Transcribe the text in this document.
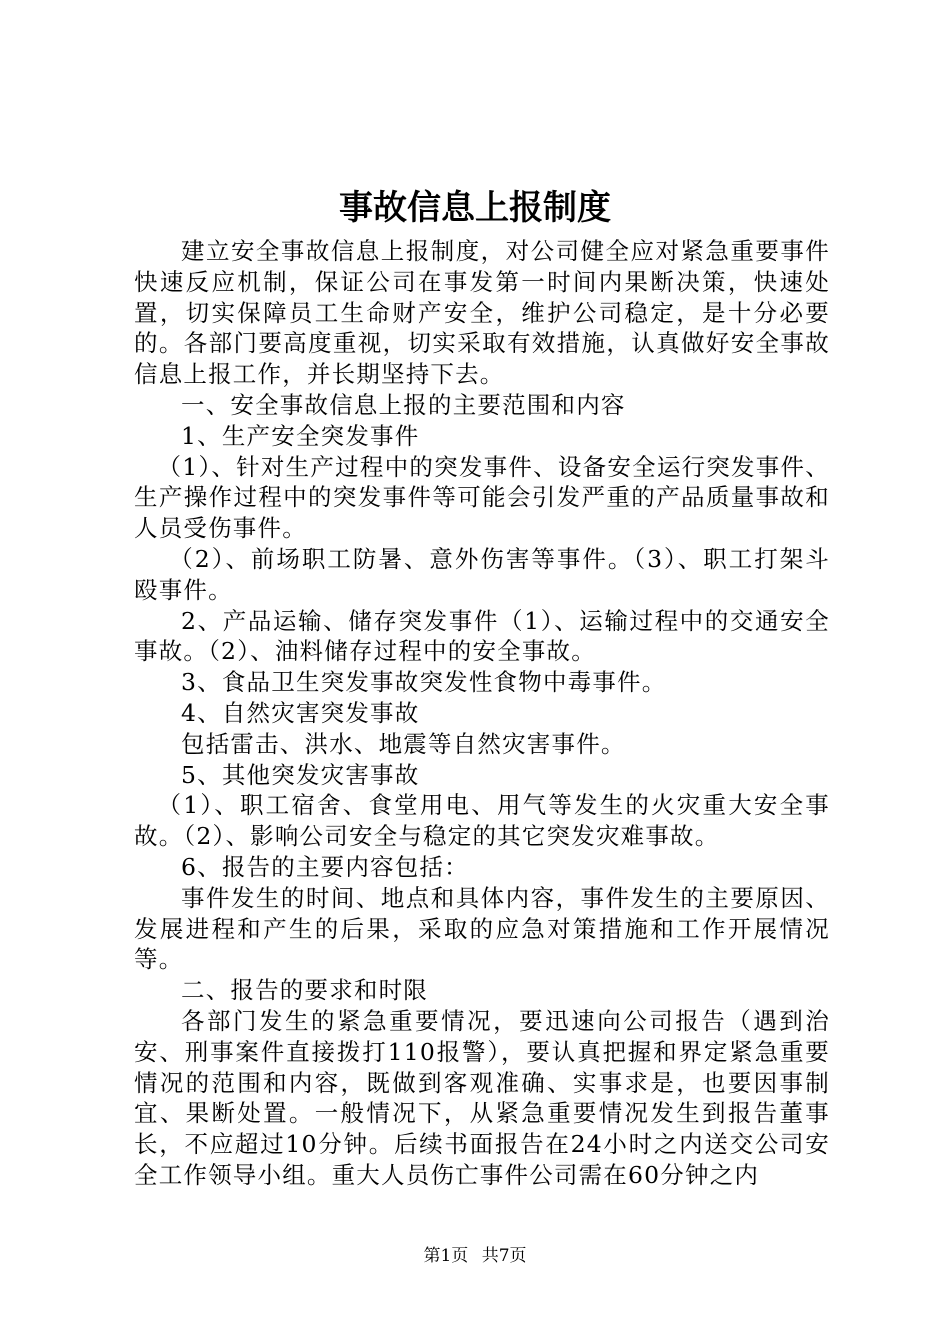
事故信息上报制度

建立安全事故信息上报制度，对公司健全应对紧急重要事件快速反应机制，保证公司在事发第一时间内果断决策，快速处置，切实保障员工生命财产安全，维护公司稳定，是十分必要的。各部门要高度重视，切实采取有效措施，认真做好安全事故信息上报工作，并长期坚持下去。

一、安全事故信息上报的主要范围和内容

1、生产安全突发事件

（1）、针对生产过程中的突发事件、设备安全运行突发事件、生产操作过程中的突发事件等可能会引发严重的产品质量事故和人员受伤事件。

（2）、前场职工防暑、意外伤害等事件。（3）、职工打架斗殴事件。

2、产品运输、储存突发事件（1）、运输过程中的交通安全事故。（2）、油料储存过程中的安全事故。

3、食品卫生突发事故突发性食物中毒事件。

4、自然灾害突发事故

包括雷击、洪水、地震等自然灾害事件。

5、其他突发灾害事故

（1）、职工宿舍、食堂用电、用气等发生的火灾重大安全事故。（2）、影响公司安全与稳定的其它突发灾难事故。

6、报告的主要内容包括：

事件发生的时间、地点和具体内容，事件发生的主要原因、发展进程和产生的后果，采取的应急对策措施和工作开展情况等。

二、报告的要求和时限

各部门发生的紧急重要情况，要迅速向公司报告（遇到治安、刑事案件直接拨打110报警），要认真把握和界定紧急重要情况的范围和内容，既做到客观准确、实事求是，也要因事制宜、果断处置。一般情况下，从紧急重要情况发生到报告董事长，不应超过10分钟。后续书面报告在24小时之内送交公司安全工作领导小组。重大人员伤亡事件公司需在60分钟之内

第1页 共7页
